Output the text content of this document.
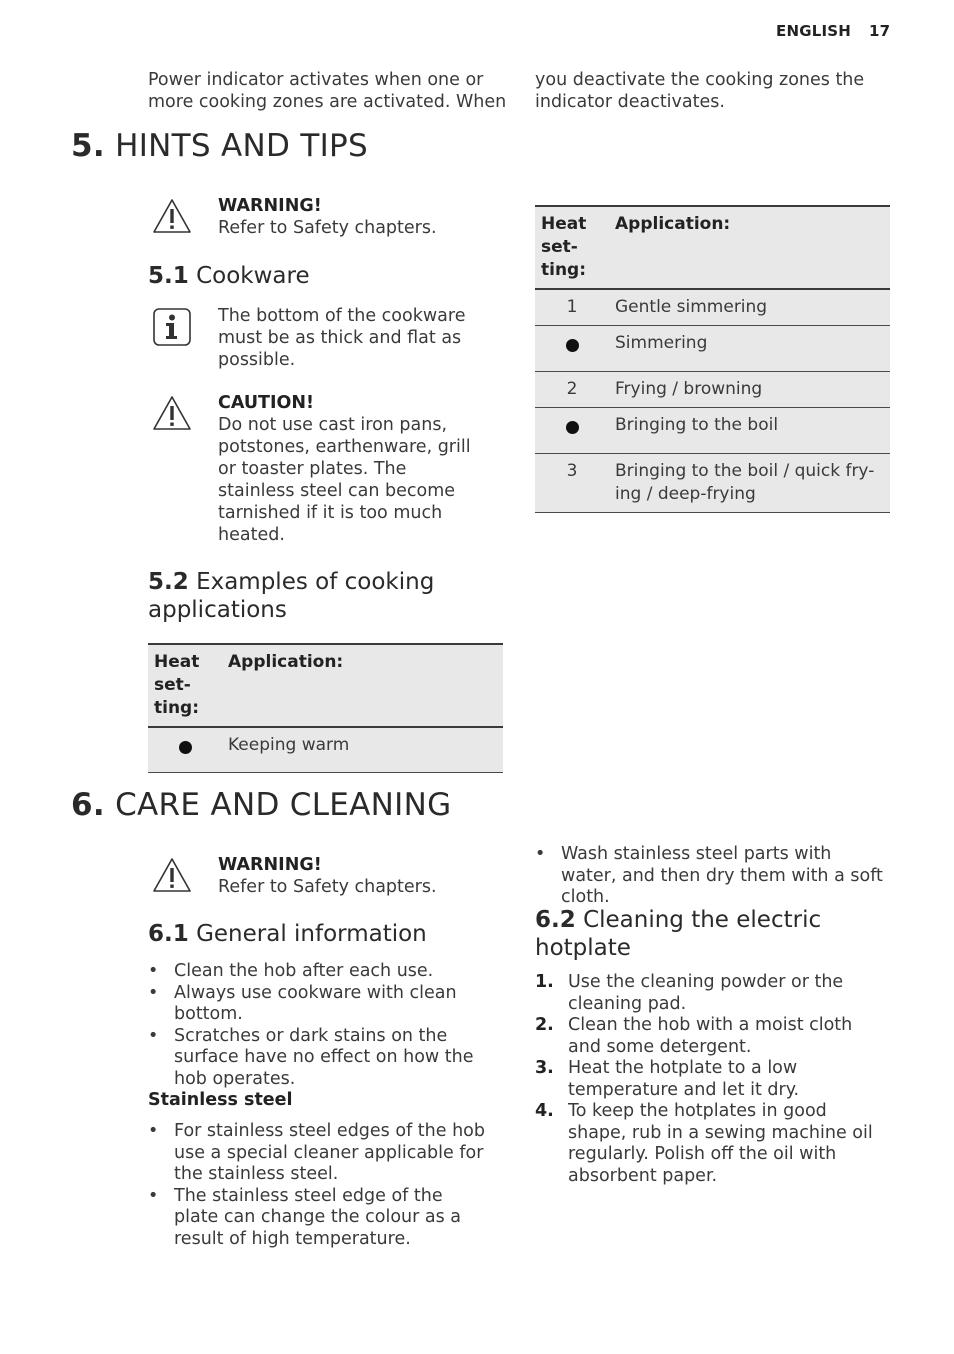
ENGLISH 17
Power indicator activates when one or more cooking zones are activated. When
you deactivate the cooking zones the indicator deactivates.
5. HINTS AND TIPS
WARNING!
Refer to Safety chapters.
5.1 Cookware
The bottom of the cookware must be as thick and flat as possible.
CAUTION!
Do not use cast iron pans, potstones, earthenware, grill or toaster plates. The stainless steel can become tarnished if it is too much heated.
5.2 Examples of cooking
applications
Heat set- ting:	Application:
	Keeping warm
Heat set- ting:	Application:
1	Gentle simmering
	Simmering
2	Frying / browning
	Bringing to the boil
3	Bringing to the boil / quick fry- ing / deep-frying
6. CARE AND CLEANING
WARNING!
Refer to Safety chapters.
6.1 General information
• Clean the hob after each use.
• Always use cookware with clean bottom.
• Scratches or dark stains on the surface have no effect on how the hob operates.
Stainless steel
• For stainless steel edges of the hob use a special cleaner applicable for the stainless steel.
• The stainless steel edge of the plate can change the colour as a result of high temperature.
• Wash stainless steel parts with water, and then dry them with a soft cloth.
6.2 Cleaning the electric
hotplate
1. Use the cleaning powder or the cleaning pad.
2. Clean the hob with a moist cloth and some detergent.
3. Heat the hotplate to a low temperature and let it dry.
4. To keep the hotplates in good shape, rub in a sewing machine oil regularly. Polish off the oil with absorbent paper.
